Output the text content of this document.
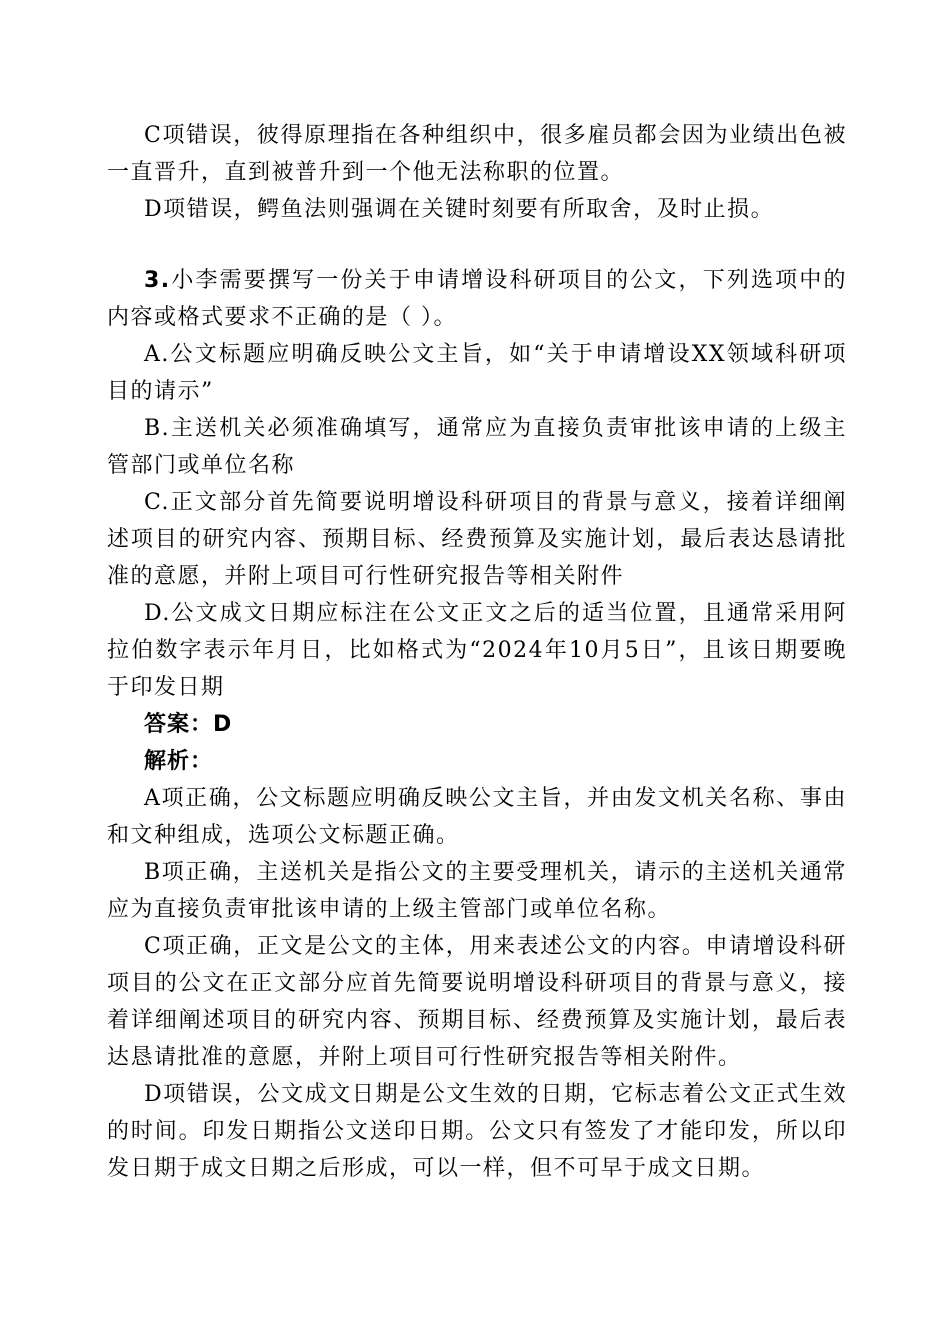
C项错误，彼得原理指在各种组织中，很多雇员都会因为业绩出色被一直晋升，直到被普升到一个他无法称职的位置。

D项错误，鳄鱼法则强调在关键时刻要有所取舍，及时止损。

3.小李需要撰写一份关于申请增设科研项目的公文，下列选项中的内容或格式要求不正确的是（ ）。

A.公文标题应明确反映公文主旨，如“关于申请增设XX领域科研项目的请示”

B.主送机关必须准确填写，通常应为直接负责审批该申请的上级主管部门或单位名称

C.正文部分首先简要说明增设科研项目的背景与意义，接着详细阐述项目的研究内容、预期目标、经费预算及实施计划，最后表达恳请批准的意愿，并附上项目可行性研究报告等相关附件

D.公文成文日期应标注在公文正文之后的适当位置，且通常采用阿拉伯数字表示年月日，比如格式为“2024年10月5日”，且该日期要晚于印发日期

答案：D

解析：

A项正确，公文标题应明确反映公文主旨，并由发文机关名称、事由和文种组成，选项公文标题正确。

B项正确，主送机关是指公文的主要受理机关，请示的主送机关通常应为直接负责审批该申请的上级主管部门或单位名称。

C项正确，正文是公文的主体，用来表述公文的内容。申请增设科研项目的公文在正文部分应首先简要说明增设科研项目的背景与意义，接着详细阐述项目的研究内容、预期目标、经费预算及实施计划，最后表达恳请批准的意愿，并附上项目可行性研究报告等相关附件。

D项错误，公文成文日期是公文生效的日期，它标志着公文正式生效的时间。印发日期指公文送印日期。公文只有签发了才能印发，所以印发日期于成文日期之后形成，可以一样，但不可早于成文日期。
